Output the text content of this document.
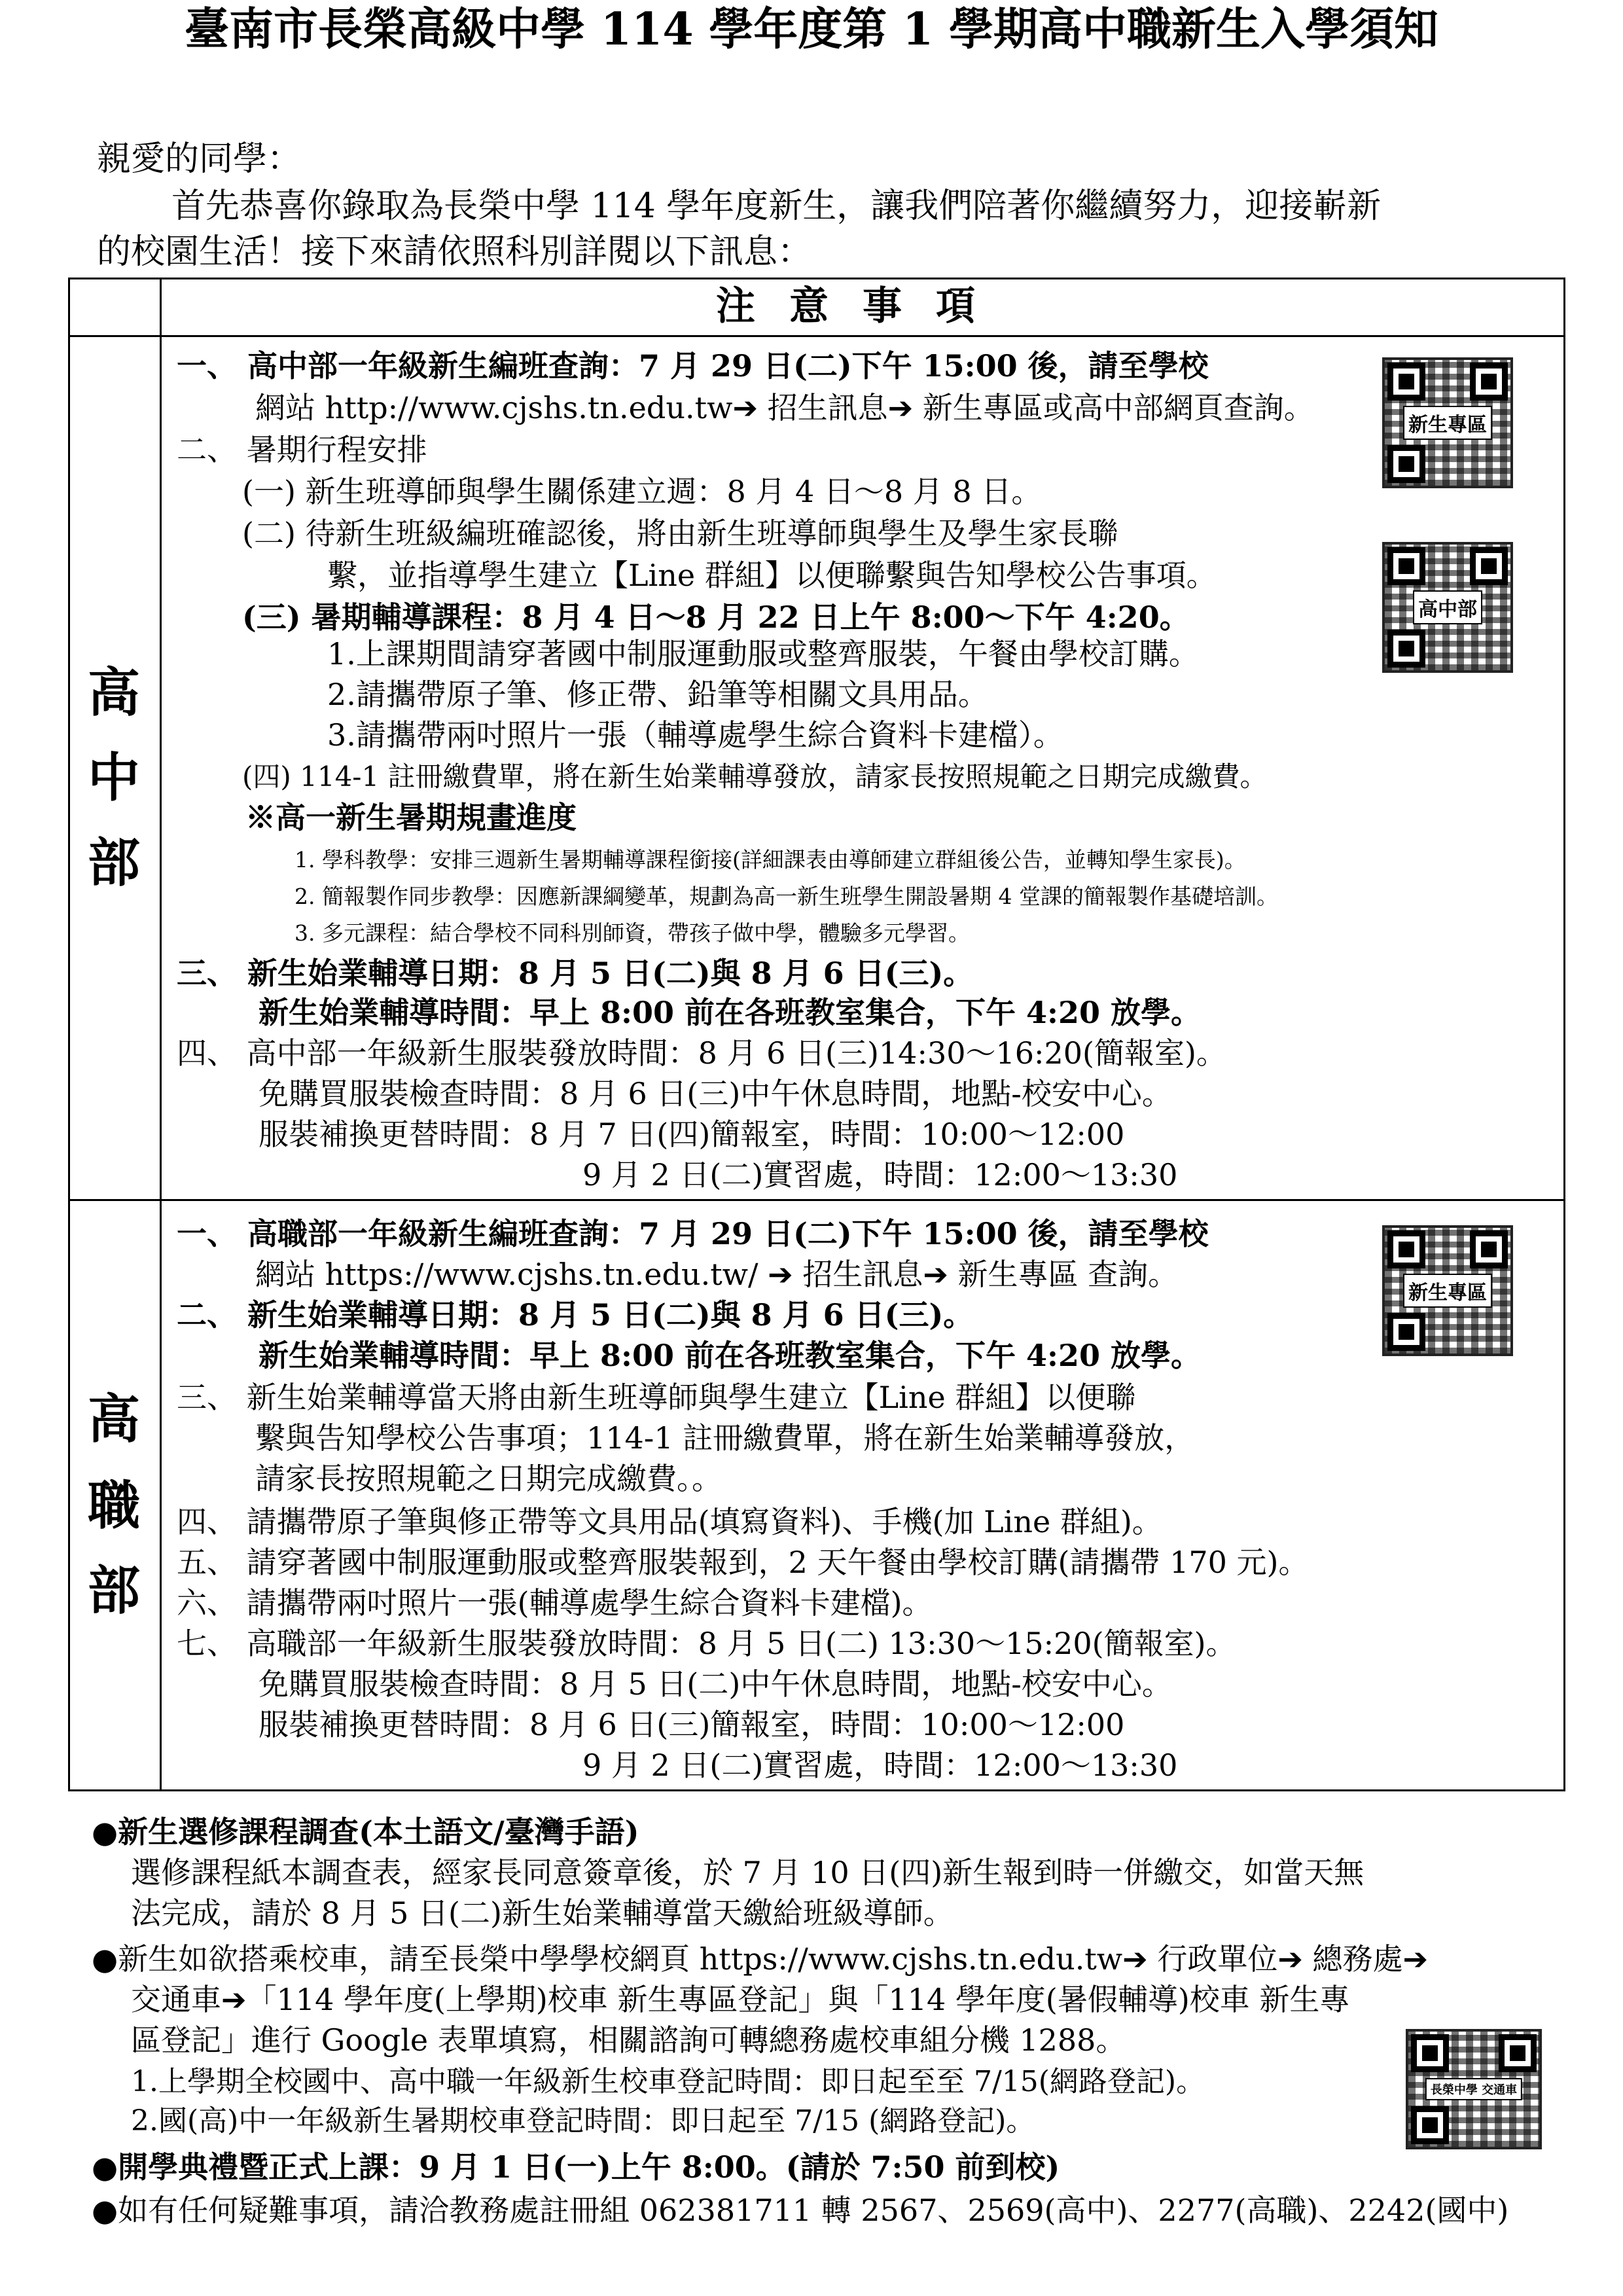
臺南市長榮高級中學 114 學年度第 1 學期高中職新生入學須知
親愛的同學：
首先恭喜你錄取為長榮中學 114 學年度新生，讓我們陪著你繼續努力，迎接嶄新
的校園生活！接下來請依照科別詳閱以下訊息：
注意事項
高
中
部
一、 高中部一年級新生編班查詢：7 月 29 日(二)下午 15:00 後，請至學校
網站 http://www.cjshs.tn.edu.tw➔ 招生訊息➔ 新生專區或高中部網頁查詢。
二、 暑期行程安排
(一) 新生班導師與學生關係建立週：8 月 4 日～8 月 8 日。
(二) 待新生班級編班確認後，將由新生班導師與學生及學生家長聯
繫，並指導學生建立【Line 群組】以便聯繫與告知學校公告事項。
(三) 暑期輔導課程：8 月 4 日～8 月 22 日上午 8:00～下午 4:20。
1.上課期間請穿著國中制服運動服或整齊服裝，午餐由學校訂購。
2.請攜帶原子筆、修正帶、鉛筆等相關文具用品。
3.請攜帶兩吋照片一張（輔導處學生綜合資料卡建檔）。
(四) 114-1 註冊繳費單，將在新生始業輔導發放，請家長按照規範之日期完成繳費。
※高一新生暑期規畫進度
1. 學科教學：安排三週新生暑期輔導課程銜接(詳細課表由導師建立群組後公告，並轉知學生家長)。
2. 簡報製作同步教學：因應新課綱變革，規劃為高一新生班學生開設暑期 4 堂課的簡報製作基礎培訓。
3. 多元課程：結合學校不同科別師資，帶孩子做中學，體驗多元學習。
三、 新生始業輔導日期：8 月 5 日(二)與 8 月 6 日(三)。
新生始業輔導時間：早上 8:00 前在各班教室集合，下午 4:20 放學。
四、 高中部一年級新生服裝發放時間：8 月 6 日(三)14:30～16:20(簡報室)。
免購買服裝檢查時間：8 月 6 日(三)中午休息時間，地點-校安中心。
服裝補換更替時間：8 月 7 日(四)簡報室，時間：10:00～12:00
9 月 2 日(二)實習處，時間：12:00～13:30
新生專區
高中部
高
職
部
一、 高職部一年級新生編班查詢：7 月 29 日(二)下午 15:00 後，請至學校
網站 https://www.cjshs.tn.edu.tw/ ➔ 招生訊息➔ 新生專區 查詢。
二、 新生始業輔導日期：8 月 5 日(二)與 8 月 6 日(三)。
新生始業輔導時間：早上 8:00 前在各班教室集合，下午 4:20 放學。
三、 新生始業輔導當天將由新生班導師與學生建立【Line 群組】以便聯
繫與告知學校公告事項；114-1 註冊繳費單，將在新生始業輔導發放，
請家長按照規範之日期完成繳費。。
四、 請攜帶原子筆與修正帶等文具用品(填寫資料)、手機(加 Line 群組)。
五、 請穿著國中制服運動服或整齊服裝報到，2 天午餐由學校訂購(請攜帶 170 元)。
六、 請攜帶兩吋照片一張(輔導處學生綜合資料卡建檔)。
七、 高職部一年級新生服裝發放時間：8 月 5 日(二) 13:30～15:20(簡報室)。
免購買服裝檢查時間：8 月 5 日(二)中午休息時間，地點-校安中心。
服裝補換更替時間：8 月 6 日(三)簡報室，時間：10:00～12:00
9 月 2 日(二)實習處，時間：12:00～13:30
新生專區
●新生選修課程調查(本土語文/臺灣手語)
選修課程紙本調查表，經家長同意簽章後，於 7 月 10 日(四)新生報到時一併繳交，如當天無
法完成，請於 8 月 5 日(二)新生始業輔導當天繳給班級導師。
●新生如欲搭乘校車，請至長榮中學學校網頁 https://www.cjshs.tn.edu.tw➔ 行政單位➔ 總務處➔
交通車➔「114 學年度(上學期)校車 新生專區登記」與「114 學年度(暑假輔導)校車 新生專
區登記」進行 Google 表單填寫，相關諮詢可轉總務處校車組分機 1288。
1.上學期全校國中、高中職一年級新生校車登記時間：即日起至至 7/15(網路登記)。
2.國(高)中一年級新生暑期校車登記時間：即日起至 7/15 (網路登記)。
●開學典禮暨正式上課：9 月 1 日(一)上午 8:00。(請於 7:50 前到校)
●如有任何疑難事項，請洽教務處註冊組 062381711 轉 2567、2569(高中)、2277(高職)、2242(國中)
長榮中學 交通車
